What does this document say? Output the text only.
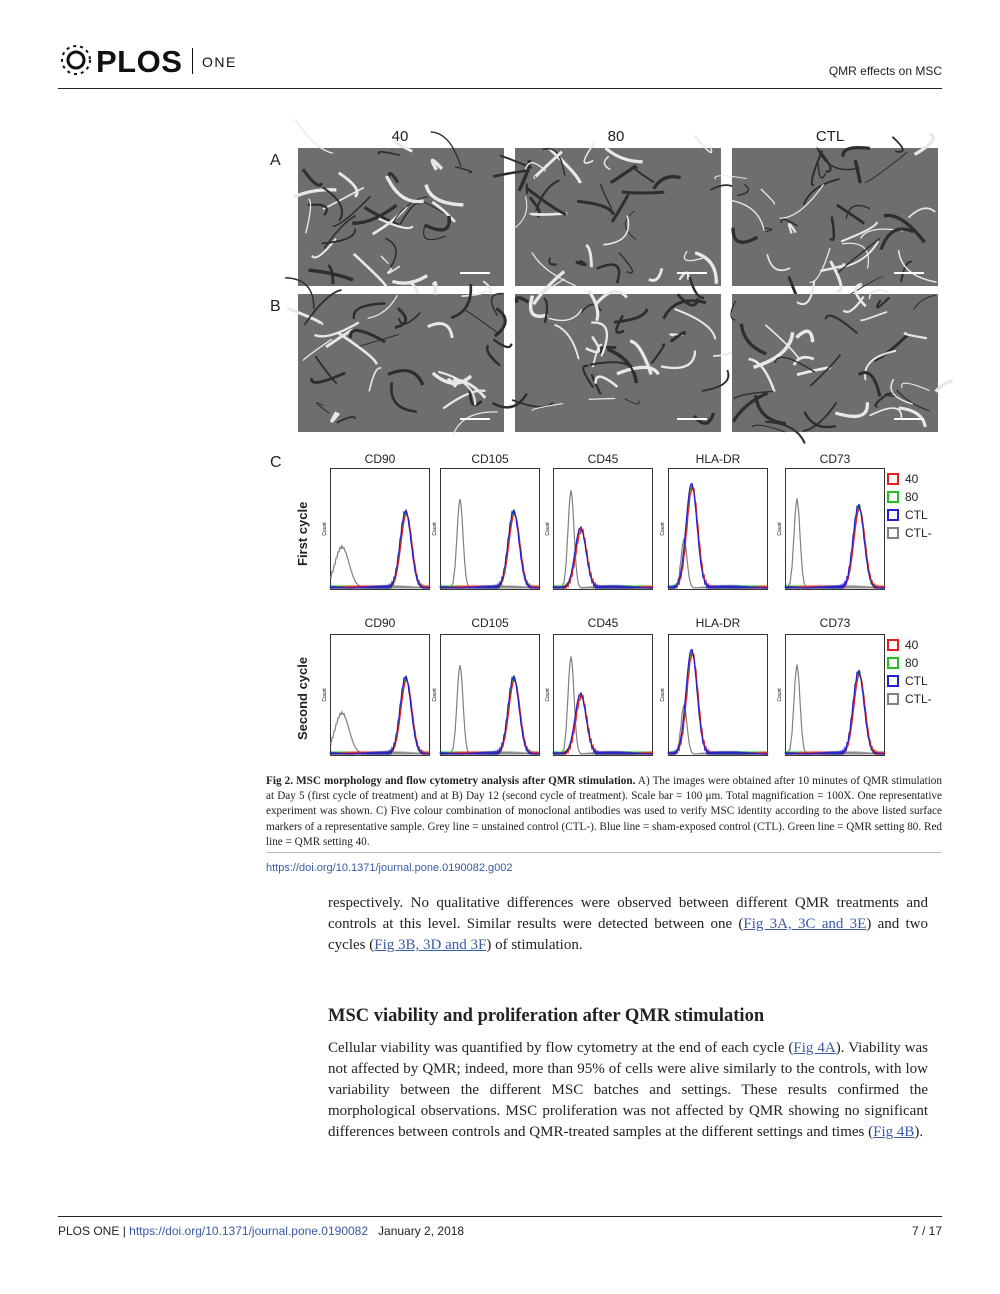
PLOS ONE
QMR effects on MSC
40	80	CTL
A
B
C
First cycle
Second cycle
CD90
Count
CD105
Count
CD45
Count
HLA-DR
Count
CD73
Count
CD90
Count
CD105
Count
CD45
Count
HLA-DR
Count
CD73
Count
40
80
CTL
CTL-
40
80
CTL
CTL-
Fig 2. MSC morphology and flow cytometry analysis after QMR stimulation. A) The images were obtained after 10 minutes of QMR stimulation at Day 5 (first cycle of treatment) and at B) Day 12 (second cycle of treatment). Scale bar = 100 μm. Total magnification = 100X. One representative experiment was shown. C) Five colour combination of monoclonal antibodies was used to verify MSC identity according to the above listed surface markers of a representative sample. Grey line = unstained control (CTL-). Blue line = sham-exposed control (CTL). Green line = QMR setting 80. Red line = QMR setting 40.
https://doi.org/10.1371/journal.pone.0190082.g002
respectively. No qualitative differences were observed between different QMR treatments and controls at this level. Similar results were detected between one (Fig 3A, 3C and 3E) and two cycles (Fig 3B, 3D and 3F) of stimulation.
MSC viability and proliferation after QMR stimulation
Cellular viability was quantified by flow cytometry at the end of each cycle (Fig 4A). Viability was not affected by QMR; indeed, more than 95% of cells were alive similarly to the controls, with low variability between the different MSC batches and settings. These results confirmed the morphological observations. MSC proliferation was not affected by QMR showing no significant differences between controls and QMR-treated samples at the different settings and times (Fig 4B).
PLOS ONE | https://doi.org/10.1371/journal.pone.0190082 January 2, 2018	7 / 17
